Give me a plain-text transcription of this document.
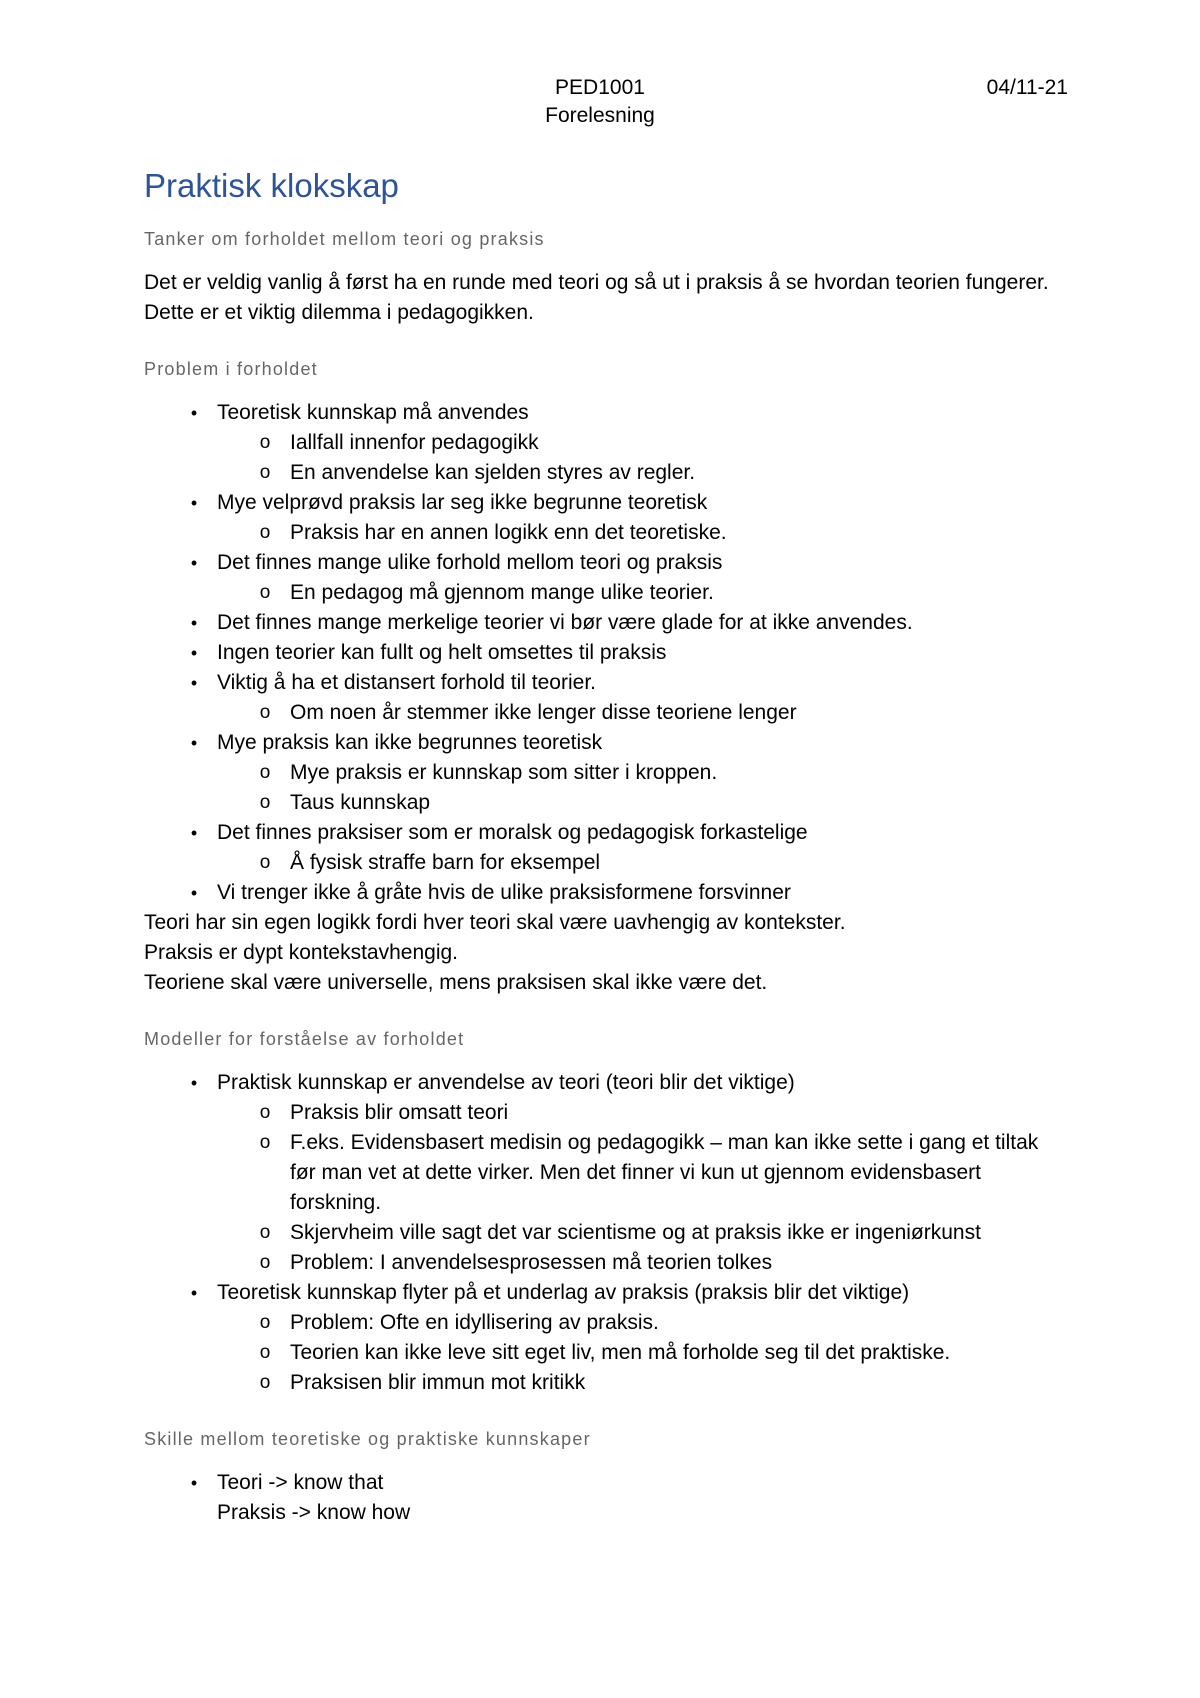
PED1001
Forelesning
04/11-21
Praktisk klokskap
Tanker om forholdet mellom teori og praksis

Det er veldig vanlig å først ha en runde med teori og så ut i praksis å se hvordan teorien fungerer. Dette er et viktig dilemma i pedagogikken.

Problem i forholdet
• Teoretisk kunnskap må anvendes
o Iallfall innenfor pedagogikk
o En anvendelse kan sjelden styres av regler.
• Mye velprøvd praksis lar seg ikke begrunne teoretisk
o Praksis har en annen logikk enn det teoretiske.
• Det finnes mange ulike forhold mellom teori og praksis
o En pedagog må gjennom mange ulike teorier.
• Det finnes mange merkelige teorier vi bør være glade for at ikke anvendes.
• Ingen teorier kan fullt og helt omsettes til praksis
• Viktig å ha et distansert forhold til teorier.
o Om noen år stemmer ikke lenger disse teoriene lenger
• Mye praksis kan ikke begrunnes teoretisk
o Mye praksis er kunnskap som sitter i kroppen.
o Taus kunnskap
• Det finnes praksiser som er moralsk og pedagogisk forkastelige
o Å fysisk straffe barn for eksempel
• Vi trenger ikke å gråte hvis de ulike praksisformene forsvinner

Teori har sin egen logikk fordi hver teori skal være uavhengig av kontekster.

Praksis er dypt kontekstavhengig.

Teoriene skal være universelle, mens praksisen skal ikke være det.

Modeller for forståelse av forholdet
• Praktisk kunnskap er anvendelse av teori (teori blir det viktige)
o Praksis blir omsatt teori
o F.eks. Evidensbasert medisin og pedagogikk – man kan ikke sette i gang et tiltak før man vet at dette virker. Men det finner vi kun ut gjennom evidensbasert forskning.
o Skjervheim ville sagt det var scientisme og at praksis ikke er ingeniørkunst
o Problem: I anvendelsesprosessen må teorien tolkes
• Teoretisk kunnskap flyter på et underlag av praksis (praksis blir det viktige)
o Problem: Ofte en idyllisering av praksis.
o Teorien kan ikke leve sitt eget liv, men må forholde seg til det praktiske.
o Praksisen blir immun mot kritikk
Skille mellom teoretiske og praktiske kunnskaper
• Teori -> know that
Praksis -> know how
